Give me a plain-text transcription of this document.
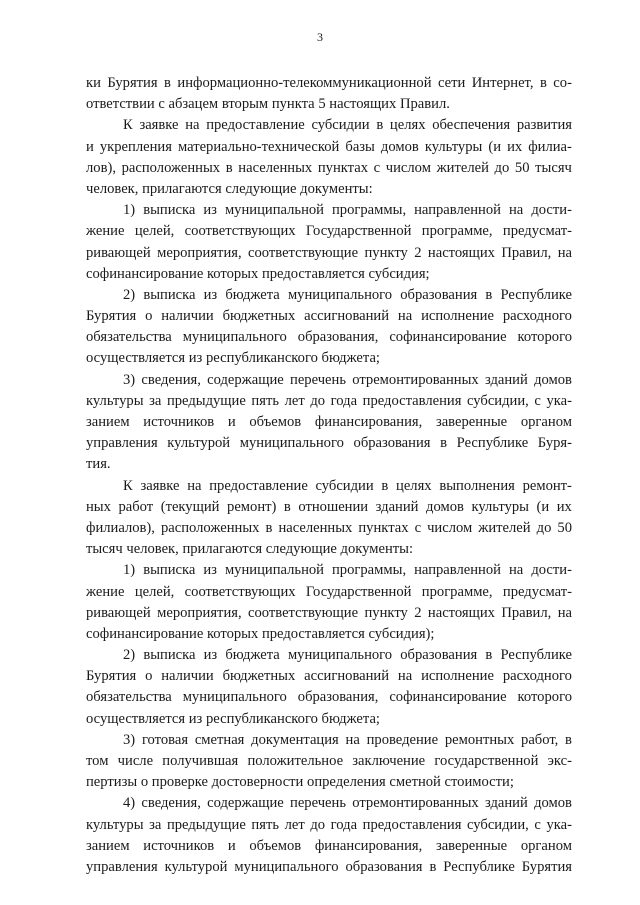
3
ки Бурятия в информационно-телекоммуникационной сети Интернет, в со-
ответствии с абзацем вторым пункта 5 настоящих Правил.
К заявке на предоставление субсидии в целях обеспечения развития
и укрепления материально-технической базы домов культуры (и их филиа-
лов), расположенных в населенных пунктах с числом жителей до 50 тысяч
человек, прилагаются следующие документы:
1) выписка из муниципальной программы, направленной на дости-
жение целей, соответствующих Государственной программе, предусмат-
ривающей мероприятия, соответствующие пункту 2 настоящих Правил, на
софинансирование которых предоставляется субсидия;
2) выписка из бюджета муниципального образования в Республике
Бурятия о наличии бюджетных ассигнований на исполнение расходного
обязательства муниципального образования, софинансирование которого
осуществляется из республиканского бюджета;
3) сведения, содержащие перечень отремонтированных зданий домов
культуры за предыдущие пять лет до года предоставления субсидии, с ука-
занием источников и объемов финансирования, заверенные органом
управления культурой муниципального образования в Республике Буря-
тия.
К заявке на предоставление субсидии в целях выполнения ремонт-
ных работ (текущий ремонт) в отношении зданий домов культуры (и их
филиалов), расположенных в населенных пунктах с числом жителей до 50
тысяч человек, прилагаются следующие документы:
1) выписка из муниципальной программы, направленной на дости-
жение целей, соответствующих Государственной программе, предусмат-
ривающей мероприятия, соответствующие пункту 2 настоящих Правил, на
софинансирование которых предоставляется субсидия);
2) выписка из бюджета муниципального образования в Республике
Бурятия о наличии бюджетных ассигнований на исполнение расходного
обязательства муниципального образования, софинансирование которого
осуществляется из республиканского бюджета;
3) готовая сметная документация на проведение ремонтных работ, в
том числе получившая положительное заключение государственной экс-
пертизы о проверке достоверности определения сметной стоимости;
4) сведения, содержащие перечень отремонтированных зданий домов
культуры за предыдущие пять лет до года предоставления субсидии, с ука-
занием источников и объемов финансирования, заверенные органом
управления культурой муниципального образования в Республике Бурятия
